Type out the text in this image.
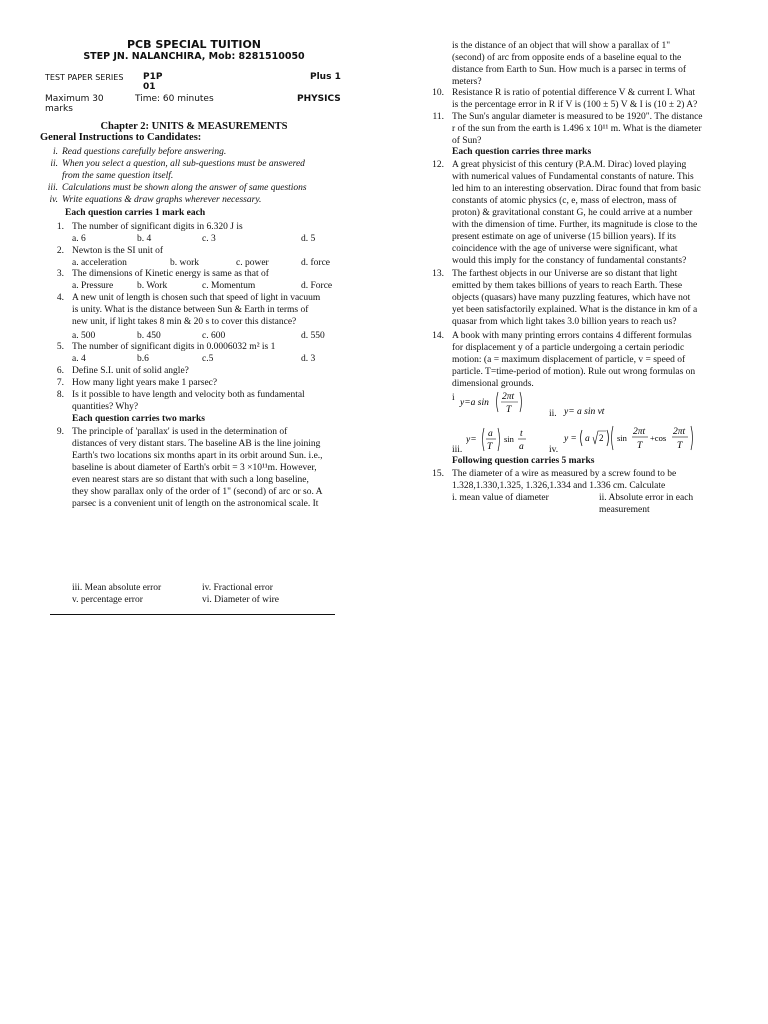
PCB SPECIAL TUITION
STEP JN. NALANCHIRA, Mob: 8281510050
TEST PAPER SERIES P1P 01
Plus 1
Maximum 30 marks
Time: 60 minutes	PHYSICS
Chapter 2: UNITS & MEASUREMENTS
General Instructions to Candidates:
i. Read questions carefully before answering.
ii. When you select a question, all sub-questions must be answered
from the same question itself.
iii. Calculations must be shown along the answer of same questions
iv. Write equations & draw graphs wherever necessary.
Each question carries 1 mark each
1. The number of significant digits in 6.320 J is
a. 6	b. 4	c. 3	d. 5
2. Newton is the SI unit of
a. acceleration	b. work	c. power	d. force
3. The dimensions of Kinetic energy is same as that of
a. Pressure	b. Work	c. Momentum	d. Force
4. A new unit of length is chosen such that speed of light in vacuum
is unity. What is the distance between Sun & Earth in terms of
new unit, if light takes 8 min & 20 s to cover this distance?
a. 500	b. 450	c. 600	d. 550
5. The number of significant digits in 0.0006032 m² is 1
a. 4	b.6	c.5	d. 3
6. Define S.I. unit of solid angle?
7. How many light years make 1 parsec?
8. Is it possible to have length and velocity both as fundamental
quantities? Why?
Each question carries two marks
9. The principle of 'parallax' is used in the determination of
distances of very distant stars. The baseline AB is the line joining
Earth's two locations six months apart in its orbit around Sun. i.e.,
baseline is about diameter of Earth's orbit = 3 ×10¹¹m. However,
even nearest stars are so distant that with such a long baseline,
they show parallax only of the order of 1" (second) of arc or so. A
parsec is a convenient unit of length on the astronomical scale. It
iii. Mean absolute error	iv. Fractional error
v. percentage error	vi. Diameter of wire
is the distance of an object that will show a parallax of 1"
(second) of arc from opposite ends of a baseline equal to the
distance from Earth to Sun. How much is a parsec in terms of
meters?
10. Resistance R is ratio of potential difference V & current I. What
is the percentage error in R if V is (100 ± 5) V & I is (10 ± 2) A?
11. The Sun's angular diameter is measured to be 1920". The distance
r of the sun from the earth is 1.496 x 10¹¹ m. What is the diameter
of Sun?
Each question carries three marks
12. A great physicist of this century (P.A.M. Dirac) loved playing
with numerical values of Fundamental constants of nature. This
led him to an interesting observation. Dirac found that from basic
constants of atomic physics (c, e, mass of electron, mass of
proton) & gravitational constant G, he could arrive at a number
with the dimension of time. Further, its magnitude is close to the
present estimate on age of universe (15 billion years). If its
coincidence with the age of universe were significant, what
would this imply for the constancy of fundamental constants?
13. The farthest objects in our Universe are so distant that light
emitted by them takes billions of years to reach Earth. These
objects (quasars) have many puzzling features, which have not
yet been satisfactorily explained. What is the distance in km of a
quasar from which light takes 3.0 billion years to reach us?
14. A book with many printing errors contains 4 different formulas
for displacement y of a particle undergoing a certain periodic
motion: (a = maximum displacement of particle, v = speed of
particle. T=time-period of motion). Rule out wrong formulas on
dimensional grounds.
i y=a sin
2πt
T	ii. y= a sin vt
iii.
y=
a
T
sin t
a	iv.
y = a 2 sin
2πt
T
+cos
2πt
T
Following question carries 5 marks
15. The diameter of a wire as measured by a screw found to be
1.328,1.330,1.325, 1.326,1.334 and 1.336 cm. Calculate
i. mean value of diameter	ii. Absolute error in each
measurement
